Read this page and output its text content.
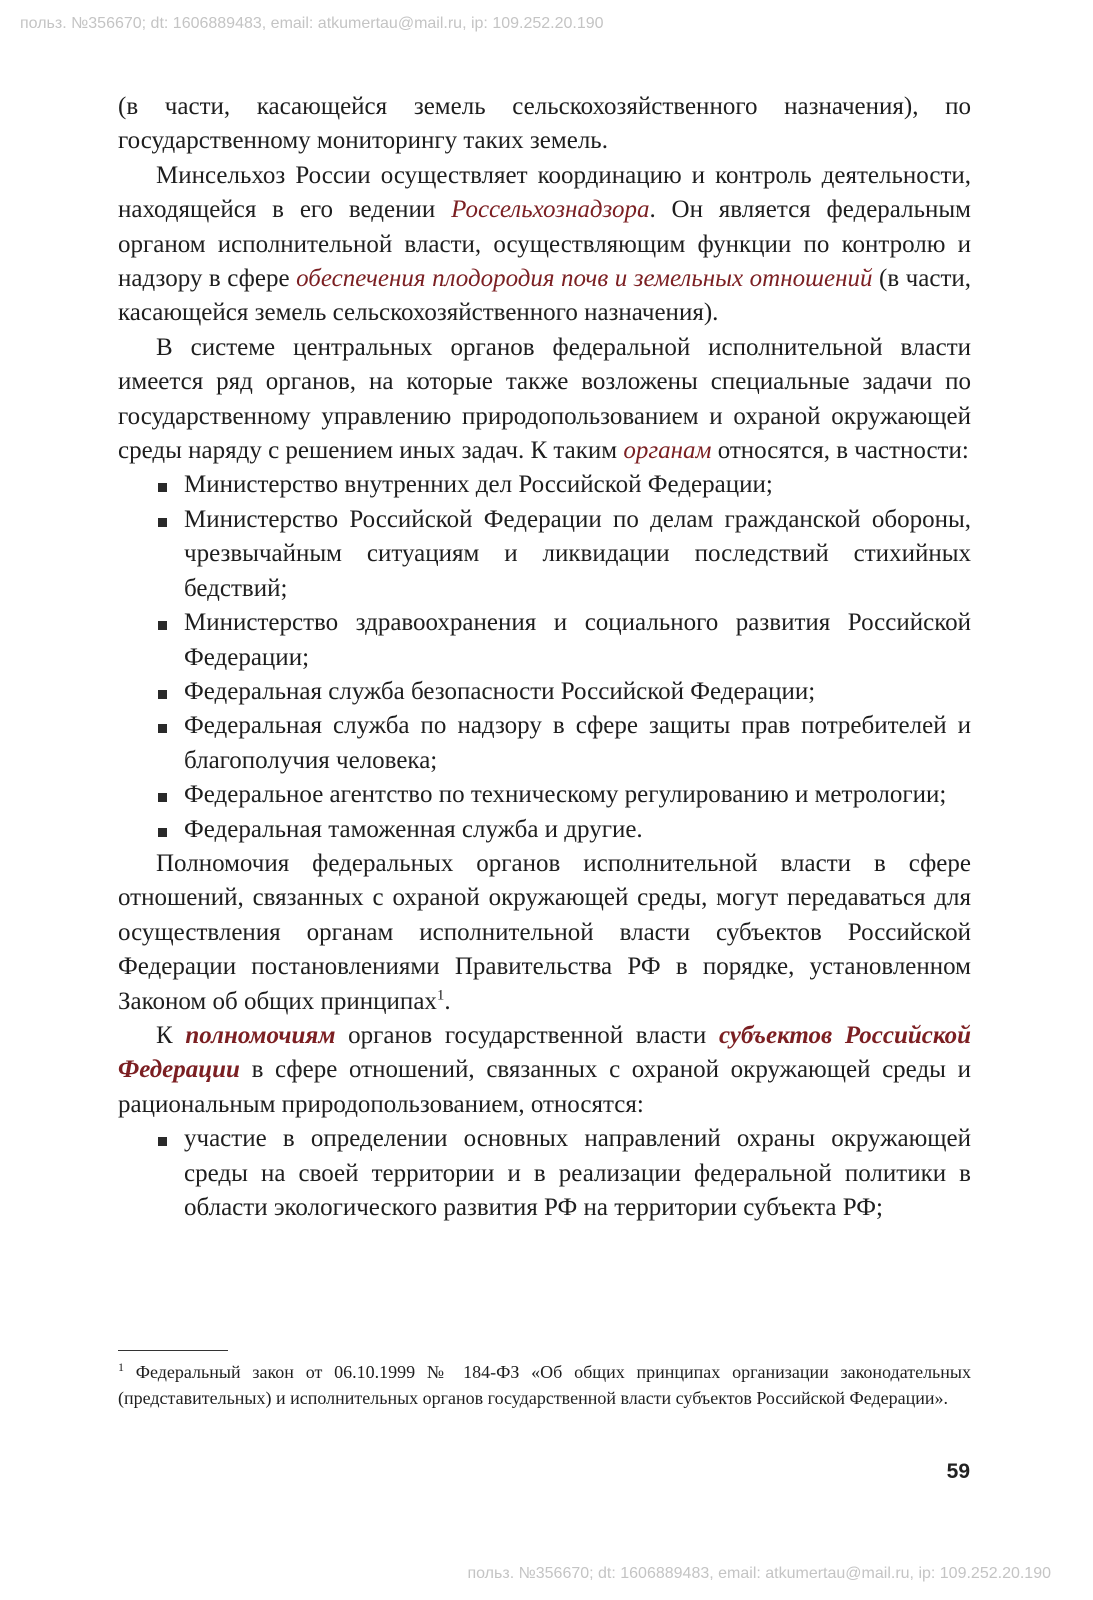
польз. №356670; dt: 1606889483, email: atkumertau@mail.ru, ip: 109.252.20.190

(в части, касающейся земель сельскохозяйственного назначения), по государственному мониторингу таких земель.

Минсельхоз России осуществляет координацию и контроль деятельности, находящейся в его ведении Россельхознадзора. Он является федеральным органом исполнительной власти, осуществляющим функции по контролю и надзору в сфере обеспечения плодородия почв и земельных отношений (в части, касающейся земель сельскохозяйственного назначения).

В системе центральных органов федеральной исполнительной власти имеется ряд органов, на которые также возложены специальные задачи по государственному управлению природопользованием и охраной окружающей среды наряду с решением иных задач. К таким органам относятся, в частности:

Министерство внутренних дел Российской Федерации;
Министерство Российской Федерации по делам гражданской обороны, чрезвычайным ситуациям и ликвидации последствий стихийных бедствий;
Министерство здравоохранения и социального развития Российской Федерации;
Федеральная служба безопасности Российской Федерации;
Федеральная служба по надзору в сфере защиты прав потребителей и благополучия человека;
Федеральное агентство по техническому регулированию и метрологии;
Федеральная таможенная служба и другие.

Полномочия федеральных органов исполнительной власти в сфере отношений, связанных с охраной окружающей среды, могут передаваться для осуществления органам исполнительной власти субъектов Российской Федерации постановлениями Правительства РФ в порядке, установленном Законом об общих принципах$^1$.

К полномочиям органов государственной власти субъектов Российской Федерации в сфере отношений, связанных с охраной окружающей среды и рациональным природопользованием, относятся:

участие в определении основных направлений охраны окружающей среды на своей территории и в реализации федеральной политики в области экологического развития РФ на территории субъекта РФ;
$^1$ Федеральный закон от 06.10.1999 № 184-ФЗ «Об общих принципах организации законодательных (представительных) и исполнительных органов государственной власти субъектов Российской Федерации».
59
польз. №356670; dt: 1606889483, email: atkumertau@mail.ru, ip: 109.252.20.190
